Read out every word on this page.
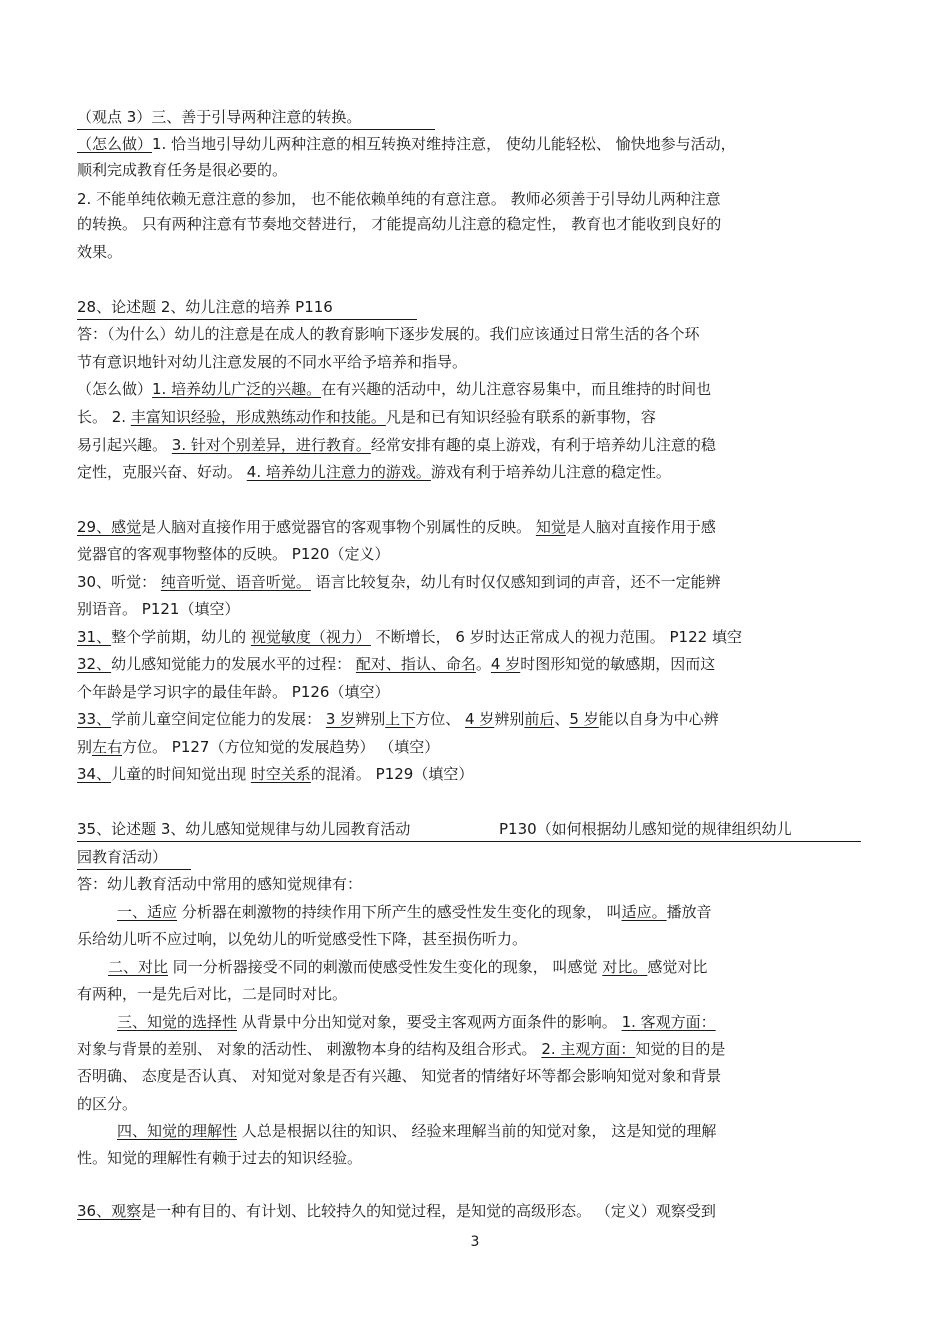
（观点 3）三、善于引导两种注意的转换。
（怎么做）1. 恰当地引导幼儿两种注意的相互转换对维持注意， 使幼儿能轻松、 愉快地参与活动，
顺利完成教育任务是很必要的。
2. 不能单纯依赖无意注意的参加， 也不能依赖单纯的有意注意。 教师必须善于引导幼儿两种注意
的转换。 只有两种注意有节奏地交替进行， 才能提高幼儿注意的稳定性， 教育也才能收到良好的
效果。
28、论述题 2、幼儿注意的培养 P116
答：（为什么）幼儿的注意是在成人的教育影响下逐步发展的。我们应该通过日常生活的各个环
节有意识地针对幼儿注意发展的不同水平给予培养和指导。
（怎么做）1. 培养幼儿广泛的兴趣。在有兴趣的活动中，幼儿注意容易集中，而且维持的时间也
长。 2. 丰富知识经验，形成熟练动作和技能。凡是和已有知识经验有联系的新事物，容
易引起兴趣。 3. 针对个别差异，进行教育。经常安排有趣的桌上游戏，有利于培养幼儿注意的稳
定性，克服兴奋、好动。 4. 培养幼儿注意力的游戏。游戏有利于培养幼儿注意的稳定性。
29、感觉是人脑对直接作用于感觉器官的客观事物个别属性的反映。 知觉是人脑对直接作用于感
觉器官的客观事物整体的反映。 P120（定义）
30、听觉： 纯音听觉、语音听觉。 语言比较复杂，幼儿有时仅仅感知到词的声音，还不一定能辨
别语音。 P121（填空）
31、整个学前期，幼儿的 视觉敏度（视力） 不断增长， 6 岁时达正常成人的视力范围。 P122 填空
32、幼儿感知觉能力的发展水平的过程： 配对、指认、命名。4 岁时图形知觉的敏感期，因而这
个年龄是学习识字的最佳年龄。 P126（填空）
33、学前儿童空间定位能力的发展： 3 岁辨别上下方位、 4 岁辨别前后、5 岁能以自身为中心辨
别左右方位。 P127（方位知觉的发展趋势） （填空）
34、儿童的时间知觉出现 时空关系的混淆。 P129（填空）
35、论述题 3、幼儿感知觉规律与幼儿园教育活动	P130（如何根据幼儿感知觉的规律组织幼儿
园教育活动）
答：幼儿教育活动中常用的感知觉规律有：
一、适应 分析器在刺激物的持续作用下所产生的感受性发生变化的现象， 叫适应。播放音
乐给幼儿听不应过响，以免幼儿的听觉感受性下降，甚至损伤听力。
二、对比 同一分析器接受不同的刺激而使感受性发生变化的现象， 叫感觉 对比。感觉对比
有两种，一是先后对比，二是同时对比。
三、知觉的选择性 从背景中分出知觉对象，要受主客观两方面条件的影响。 1. 客观方面：
对象与背景的差别、 对象的活动性、 刺激物本身的结构及组合形式。 2. 主观方面：知觉的目的是
否明确、 态度是否认真、 对知觉对象是否有兴趣、 知觉者的情绪好坏等都会影响知觉对象和背景
的区分。
四、知觉的理解性 人总是根据以往的知识、 经验来理解当前的知觉对象， 这是知觉的理解
性。知觉的理解性有赖于过去的知识经验。
36、观察是一种有目的、有计划、比较持久的知觉过程，是知觉的高级形态。 （定义）观察受到
3
